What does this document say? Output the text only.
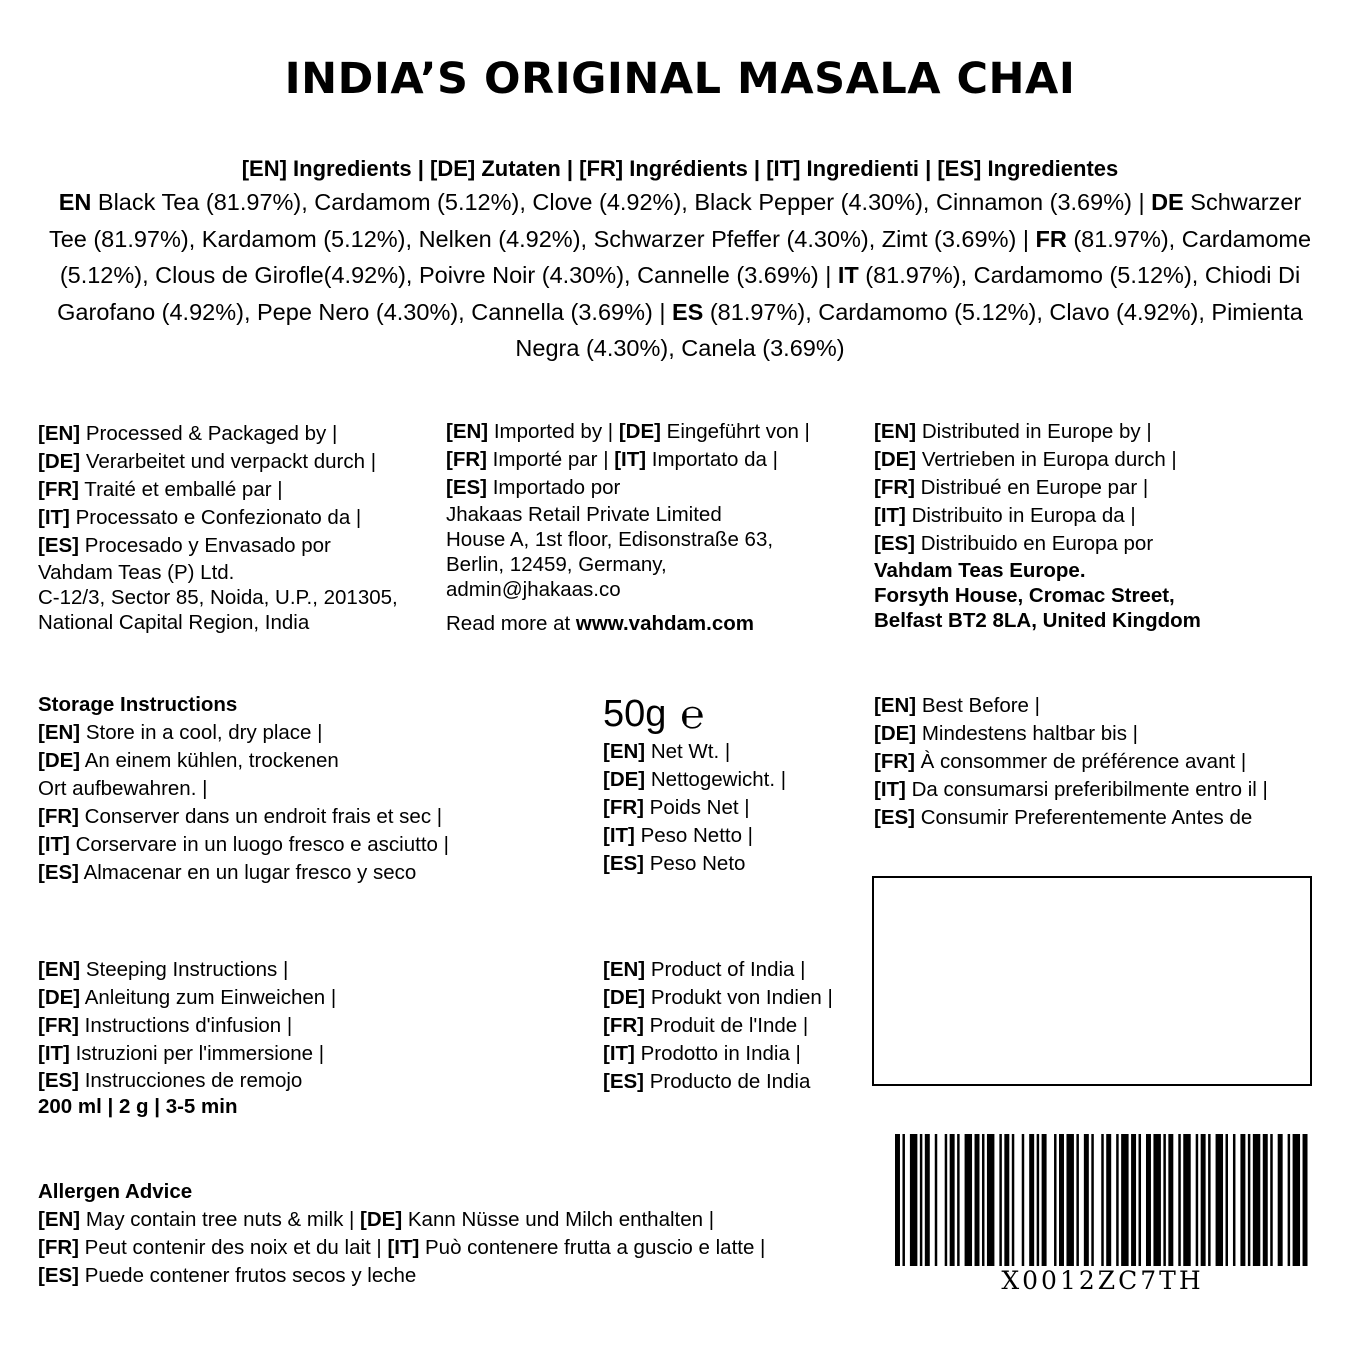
INDIA’S ORIGINAL MASALA CHAI
[EN] Ingredients | [DE] Zutaten | [FR] Ingrédients | [IT] Ingredienti | [ES] Ingredientes
EN Black Tea (81.97%), Cardamom (5.12%), Clove (4.92%), Black Pepper (4.30%), Cinnamon (3.69%) | DE Schwarzer Tee (81.97%), Kardamom (5.12%), Nelken (4.92%), Schwarzer Pfeffer (4.30%), Zimt (3.69%) | FR (81.97%), Cardamome (5.12%), Clous de Girofle(4.92%), Poivre Noir (4.30%), Cannelle (3.69%) | IT (81.97%), Cardamomo (5.12%), Chiodi Di Garofano (4.92%), Pepe Nero (4.30%), Cannella (3.69%) | ES (81.97%), Cardamomo (5.12%), Clavo (4.92%), Pimienta Negra (4.30%), Canela (3.69%)
[EN] Processed & Packaged by |
[DE] Verarbeitet und verpackt durch |
[FR] Traité et emballé par |
[IT] Processato e Confezionato da |
[ES] Procesado y Envasado por
Vahdam Teas (P) Ltd.
C-12/3, Sector 85, Noida, U.P., 201305,
National Capital Region, India
[EN] Imported by | [DE] Eingeführt von |
[FR] Importé par | [IT] Importato da |
[ES] Importado por
Jhakaas Retail Private Limited
House A, 1st floor, Edisonstraße 63,
Berlin, 12459, Germany,
admin@jhakaas.co
Read more at www.vahdam.com
[EN] Distributed in Europe by |
[DE] Vertrieben in Europa durch |
[FR] Distribué en Europe par |
[IT] Distribuito in Europa da |
[ES] Distribuido en Europa por
Vahdam Teas Europe.
Forsyth House, Cromac Street,
Belfast BT2 8LA, United Kingdom
Storage Instructions
[EN] Store in a cool, dry place |
[DE] An einem kühlen, trockenen
Ort aufbewahren. |
[FR] Conserver dans un endroit frais et sec |
[IT] Corservare in un luogo fresco e asciutto |
[ES] Almacenar en un lugar fresco y seco
50g ℮
[EN] Net Wt. |
[DE] Nettogewicht. |
[FR] Poids Net |
[IT] Peso Netto |
[ES] Peso Neto
[EN] Best Before |
[DE] Mindestens haltbar bis |
[FR] À consommer de préférence avant |
[IT] Da consumarsi preferibilmente entro il |
[ES] Consumir Preferentemente Antes de
[EN] Steeping Instructions |
[DE] Anleitung zum Einweichen |
[FR] Instructions d'infusion |
[IT] Istruzioni per l'immersione |
[ES] Instrucciones de remojo
200 ml | 2 g | 3-5 min
[EN] Product of India |
[DE] Produkt von Indien |
[FR] Produit de l'Inde |
[IT] Prodotto in India |
[ES] Producto de India
Allergen Advice
[EN] May contain tree nuts & milk | [DE] Kann Nüsse und Milch enthalten |
[FR] Peut contenir des noix et du lait | [IT] Può contenere frutta a guscio e latte |
[ES] Puede contener frutos secos y leche	X0012ZC7TH
